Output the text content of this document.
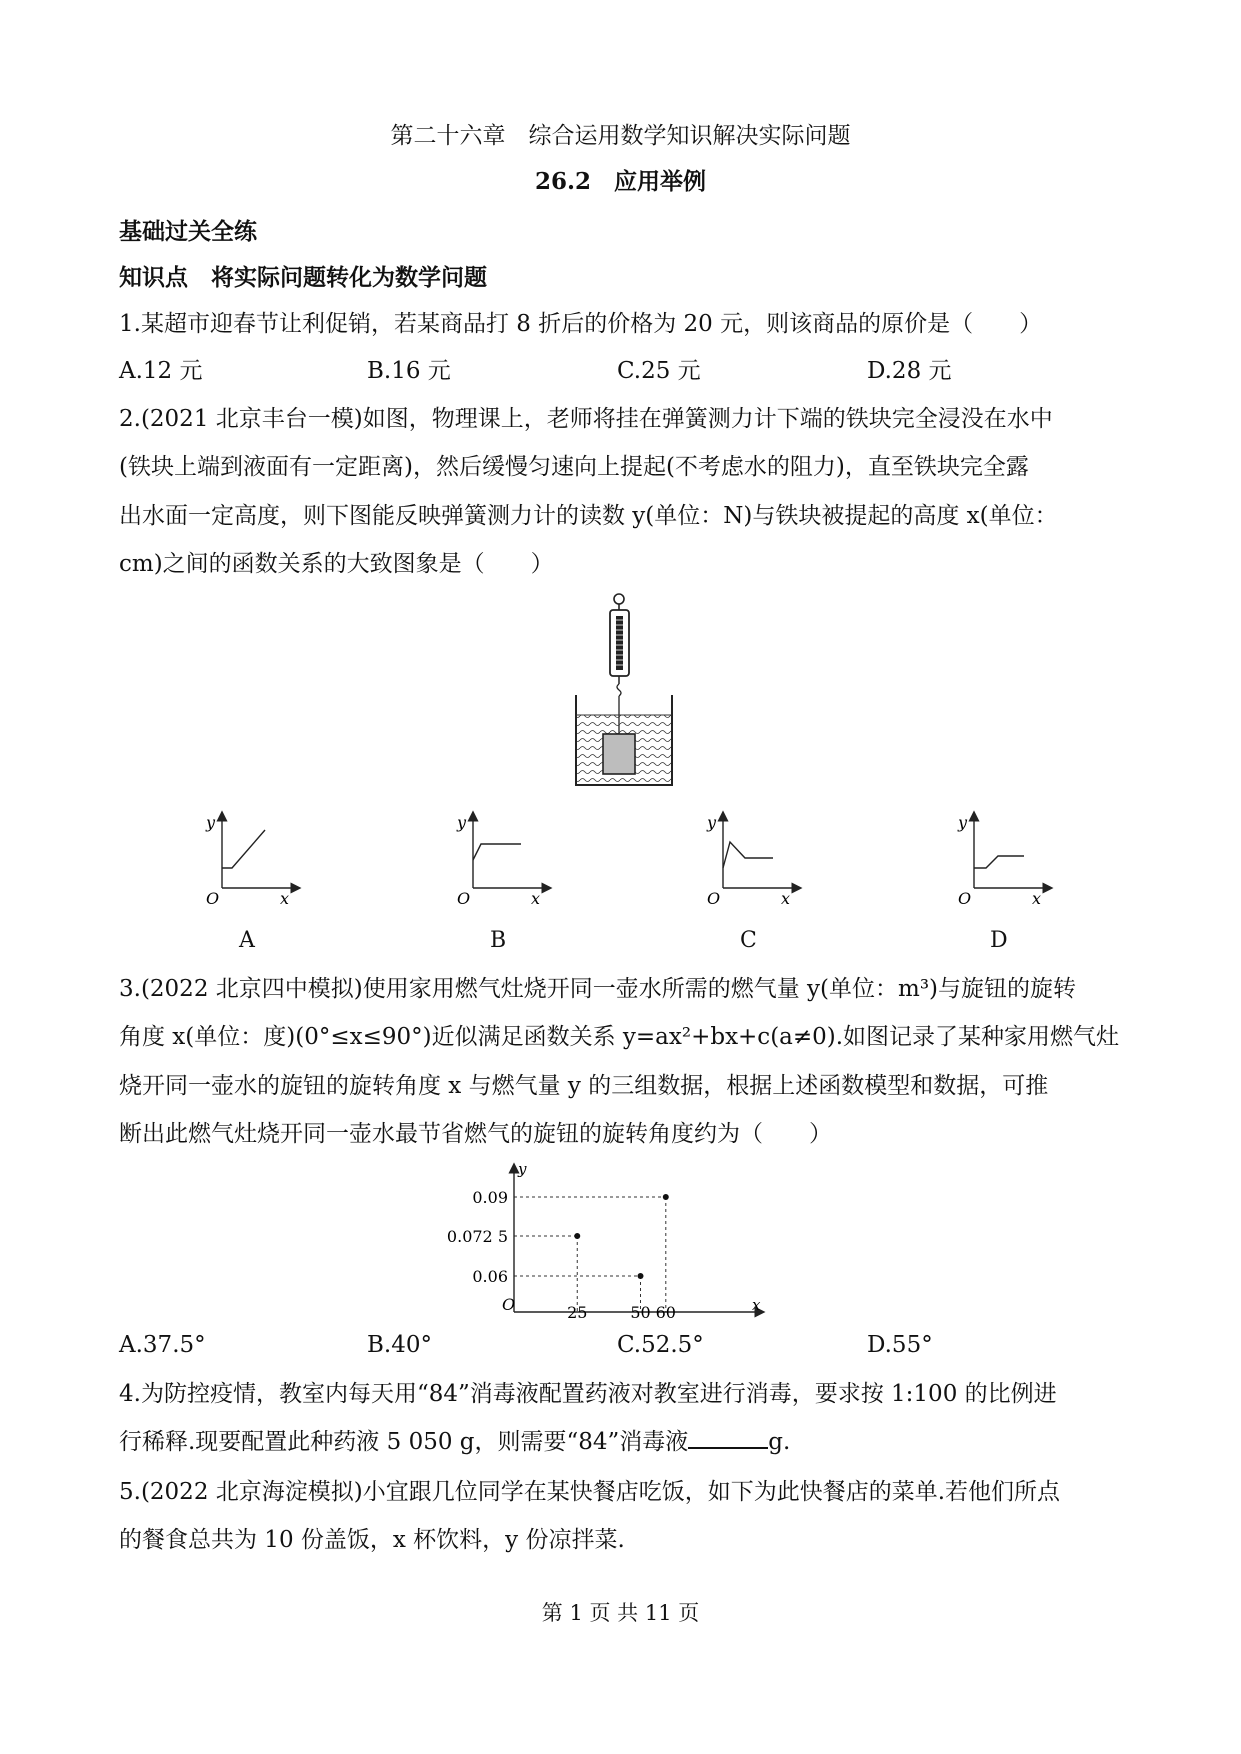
第二十六章　综合运用数学知识解决实际问题
26.2　应用举例
基础过关全练
知识点　将实际问题转化为数学问题
1.某超市迎春节让利促销，若某商品打 8 折后的价格为 20 元，则该商品的原价是（　　）
A.12 元	B.16 元	C.25 元	D.28 元
2.(2021 北京丰台一模)如图，物理课上，老师将挂在弹簧测力计下端的铁块完全浸没在水中
(铁块上端到液面有一定距离)，然后缓慢匀速向上提起(不考虑水的阻力)，直至铁块完全露
出水面一定高度，则下图能反映弹簧测力计的读数 y(单位：N)与铁块被提起的高度 x(单位：
cm)之间的函数关系的大致图象是（　　）
y
x
O
y
x
O
y
x
O
y
x
O
A	B	C	D
3.(2022 北京四中模拟)使用家用燃气灶烧开同一壶水所需的燃气量 y(单位：m³)与旋钮的旋转
角度 x(单位：度)(0°≤x≤90°)近似满足函数关系 y=ax²+bx+c(a≠0).如图记录了某种家用燃气灶
烧开同一壶水的旋钮的旋转角度 x 与燃气量 y 的三组数据，根据上述函数模型和数据，可推
断出此燃气灶烧开同一壶水最节省燃气的旋钮的旋转角度约为（　　）
25	50 60
0.09
0.072 5
0.06
y
x
O
A.37.5°	B.40°	C.52.5°	D.55°
4.为防控疫情，教室内每天用“84”消毒液配置药液对教室进行消毒，要求按 1:100 的比例进
行稀释.现要配置此种药液 5 050 g，则需要“84”消毒液	g.
5.(2022 北京海淀模拟)小宜跟几位同学在某快餐店吃饭，如下为此快餐店的菜单.若他们所点
的餐食总共为 10 份盖饭，x 杯饮料，y 份凉拌菜.
第 1 页 共 11 页
